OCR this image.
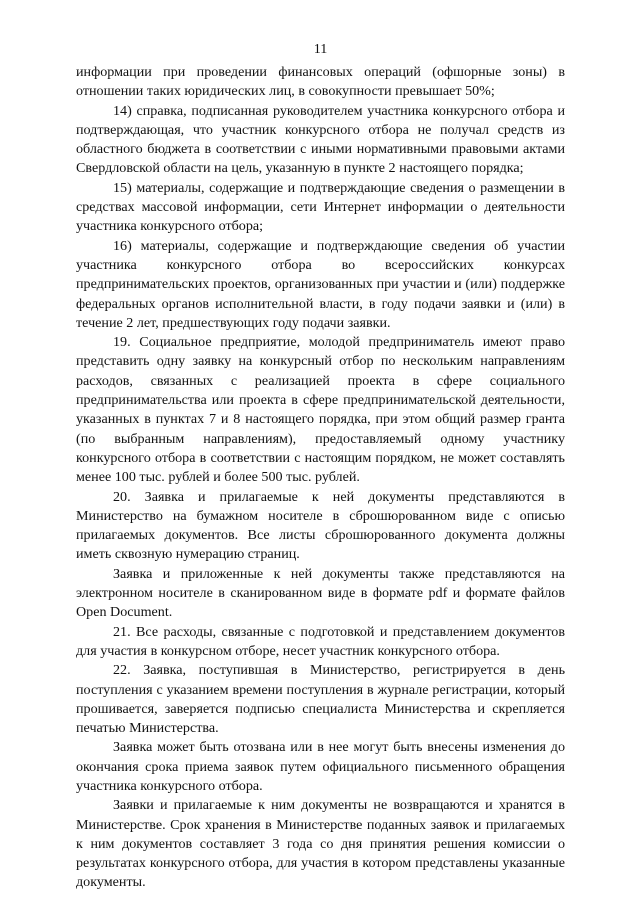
11

информации при проведении финансовых операций (офшорные зоны) в отношении таких юридических лиц, в совокупности превышает 50%;

14) справка, подписанная руководителем участника конкурсного отбора и подтверждающая, что участник конкурсного отбора не получал средств из областного бюджета в соответствии с иными нормативными правовыми актами Свердловской области на цель, указанную в пункте 2 настоящего порядка;

15) материалы, содержащие и подтверждающие сведения о размещении в средствах массовой информации, сети Интернет информации о деятельности участника конкурсного отбора;

16) материалы, содержащие и подтверждающие сведения об участии участника конкурсного отбора во всероссийских конкурсах предпринимательских проектов, организованных при участии и (или) поддержке федеральных органов исполнительной власти, в году подачи заявки и (или) в течение 2 лет, предшествующих году подачи заявки.

19. Социальное предприятие, молодой предприниматель имеют право представить одну заявку на конкурсный отбор по нескольким направлениям расходов, связанных с реализацией проекта в сфере социального предпринимательства или проекта в сфере предпринимательской деятельности, указанных в пунктах 7 и 8 настоящего порядка, при этом общий размер гранта (по выбранным направлениям), предоставляемый одному участнику конкурсного отбора в соответствии с настоящим порядком, не может составлять менее 100 тыс. рублей и более 500 тыс. рублей.

20. Заявка и прилагаемые к ней документы представляются в Министерство на бумажном носителе в сброшюрованном виде с описью прилагаемых документов. Все листы сброшюрованного документа должны иметь сквозную нумерацию страниц.

Заявка и приложенные к ней документы также представляются на электронном носителе в сканированном виде в формате pdf и формате файлов Open Document.

21. Все расходы, связанные с подготовкой и представлением документов для участия в конкурсном отборе, несет участник конкурсного отбора.

22. Заявка, поступившая в Министерство, регистрируется в день поступления с указанием времени поступления в журнале регистрации, который прошивается, заверяется подписью специалиста Министерства и скрепляется печатью Министерства.

Заявка может быть отозвана или в нее могут быть внесены изменения до окончания срока приема заявок путем официального письменного обращения участника конкурсного отбора.

Заявки и прилагаемые к ним документы не возвращаются и хранятся в Министерстве. Срок хранения в Министерстве поданных заявок и прилагаемых к ним документов составляет 3 года со дня принятия решения комиссии о результатах конкурсного отбора, для участия в котором представлены указанные документы.
